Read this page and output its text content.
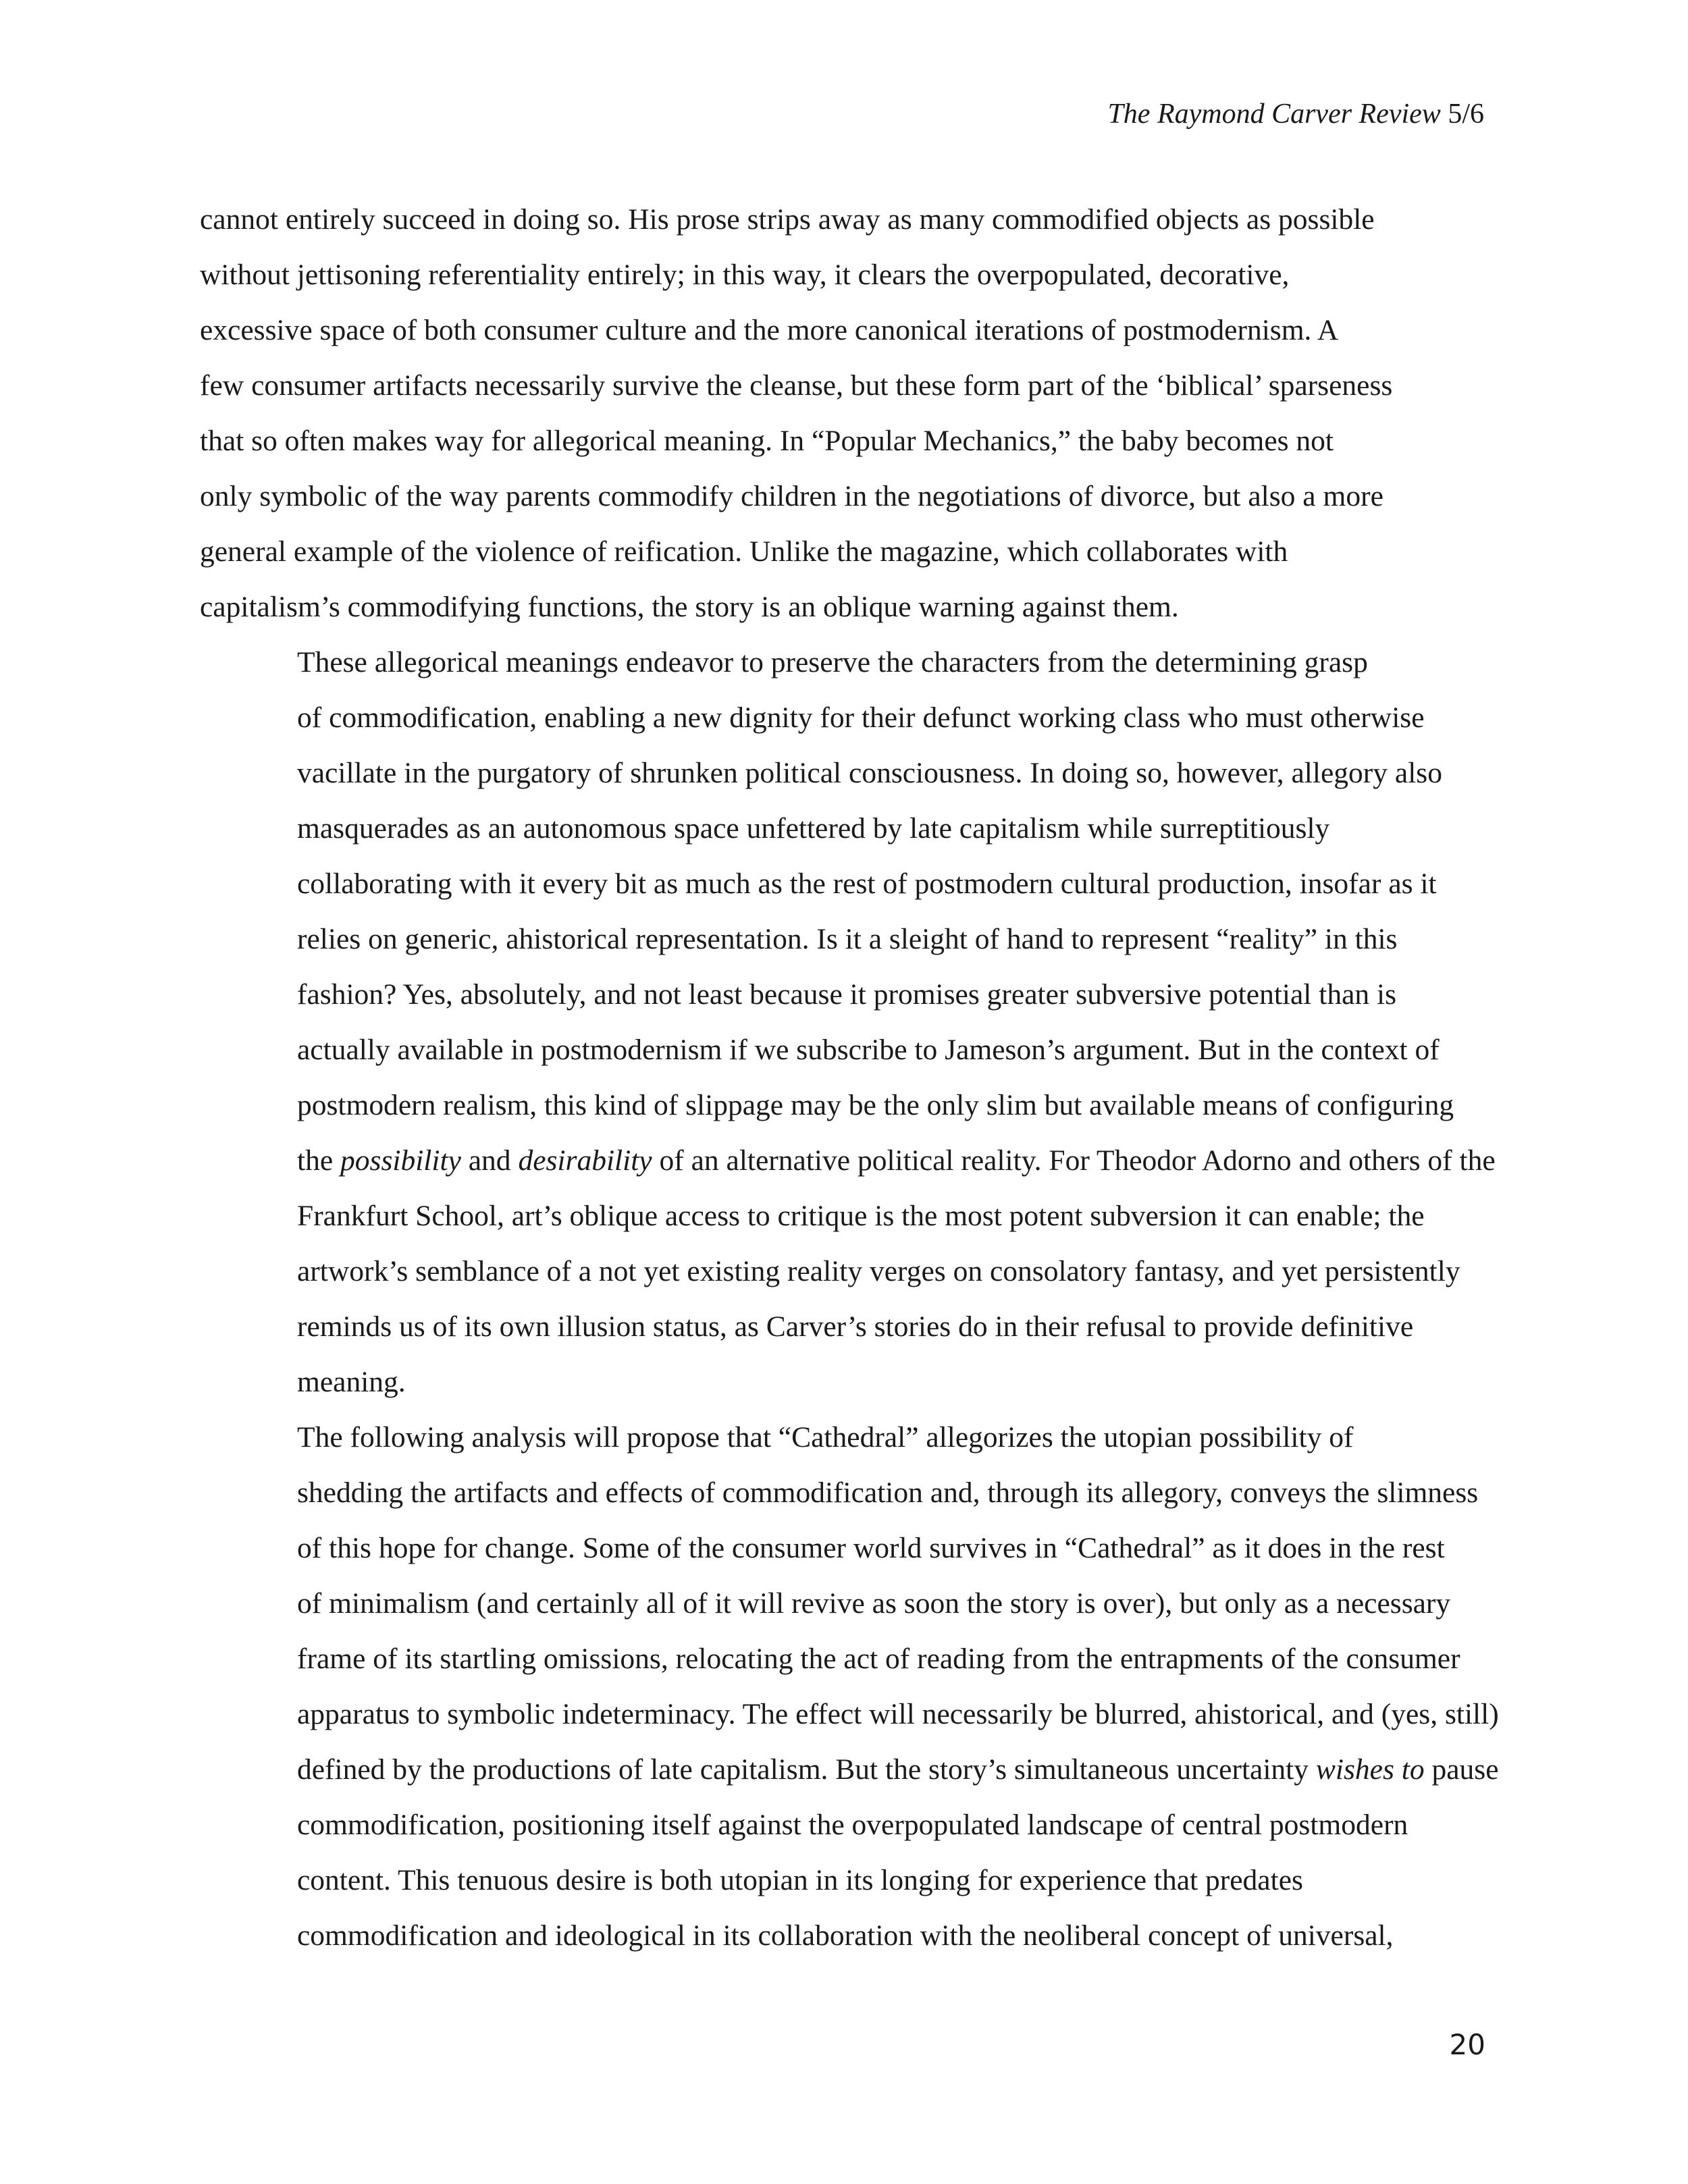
The Raymond Carver Review 5/6

cannot entirely succeed in doing so. His prose strips away as many commodified objects as possible
without jettisoning referentiality entirely; in this way, it clears the overpopulated, decorative,
excessive space of both consumer culture and the more canonical iterations of postmodernism. A
few consumer artifacts necessarily survive the cleanse, but these form part of the ‘biblical’ sparseness
that so often makes way for allegorical meaning. In “Popular Mechanics,” the baby becomes not
only symbolic of the way parents commodify children in the negotiations of divorce, but also a more
general example of the violence of reification. Unlike the magazine, which collaborates with
capitalism’s commodifying functions, the story is an oblique warning against them.

These allegorical meanings endeavor to preserve the characters from the determining grasp
of commodification, enabling a new dignity for their defunct working class who must otherwise
vacillate in the purgatory of shrunken political consciousness. In doing so, however, allegory also
masquerades as an autonomous space unfettered by late capitalism while surreptitiously
collaborating with it every bit as much as the rest of postmodern cultural production, insofar as it
relies on generic, ahistorical representation. Is it a sleight of hand to represent “reality” in this
fashion? Yes, absolutely, and not least because it promises greater subversive potential than is
actually available in postmodernism if we subscribe to Jameson’s argument. But in the context of
postmodern realism, this kind of slippage may be the only slim but available means of configuring
the possibility and desirability of an alternative political reality. For Theodor Adorno and others of the
Frankfurt School, art’s oblique access to critique is the most potent subversion it can enable; the
artwork’s semblance of a not yet existing reality verges on consolatory fantasy, and yet persistently
reminds us of its own illusion status, as Carver’s stories do in their refusal to provide definitive
meaning.

The following analysis will propose that “Cathedral” allegorizes the utopian possibility of
shedding the artifacts and effects of commodification and, through its allegory, conveys the slimness
of this hope for change. Some of the consumer world survives in “Cathedral” as it does in the rest
of minimalism (and certainly all of it will revive as soon the story is over), but only as a necessary
frame of its startling omissions, relocating the act of reading from the entrapments of the consumer
apparatus to symbolic indeterminacy. The effect will necessarily be blurred, ahistorical, and (yes, still)
defined by the productions of late capitalism. But the story’s simultaneous uncertainty wishes to pause
commodification, positioning itself against the overpopulated landscape of central postmodern
content. This tenuous desire is both utopian in its longing for experience that predates
commodification and ideological in its collaboration with the neoliberal concept of universal,

20
